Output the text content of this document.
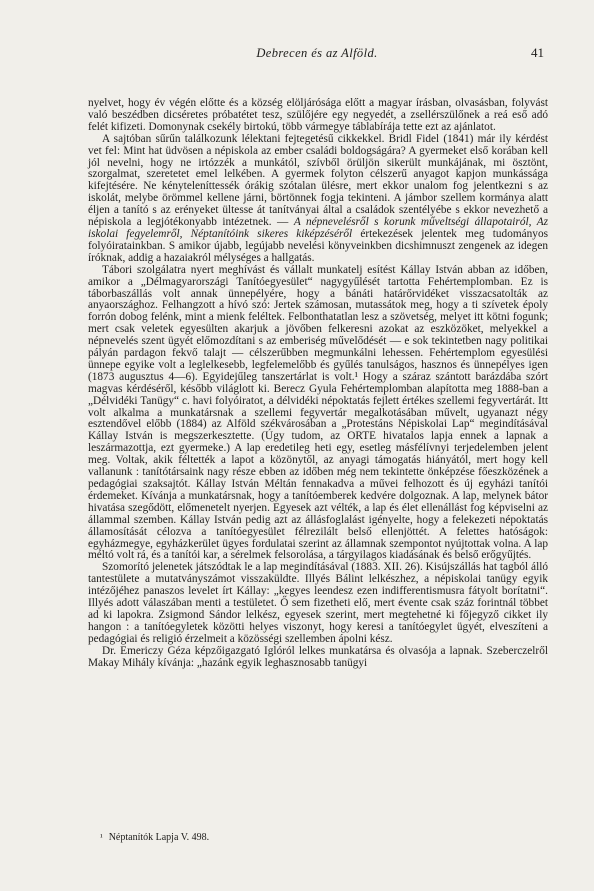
Debrecen és az Alföld.	41

nyelvet, hogy év végén előtte és a község elöljárósága előtt a magyar írásban, olvasásban, folyvást való beszédben dicséretes próbatétet tesz, szülőjére egy negyedét, a zsellérszülőnek a reá eső adó felét kifizeti. Domonynak csekély birtokú, több vármegye táblabírája tette ezt az ajánlatot.

A sajtóban sűrűn találkozunk lélektani fejtegetésű cikkekkel. Bridl Fidel (1841) már ily kérdést vet fel: Mint hat üdvösen a népiskola az ember családi boldogságára? A gyermeket első korában kell jól nevelni, hogy ne irtózzék a munkától, szívből örüljön sikerült munkájának, mi ösztönt, szorgalmat, szeretetet emel lelkében. A gyermek folyton célszerű anyagot kapjon munkássága kifejtésére. Ne kényteleníttessék órákig szótalan ülésre, mert ekkor unalom fog jelentkezni s az iskolát, melybe örömmel kellene járni, börtönnek fogja tekinteni. A jámbor szellem kormánya alatt éljen a tanító s az erényeket ültesse át tanítványai által a családok szentélyébe s ekkor nevezhető a népiskola a legjótékonyabb intézetnek. — A népnevelésről s korunk műveltségi állapotairól, Az iskolai fegyelemről, Néptanítóink sikeres kiképzéséről értekezések jelentek meg tudományos folyóiratainkban. S amikor újabb, legújabb nevelési könyveinkben dicshimnuszt zengenek az idegen íróknak, addig a hazaiakról mélységes a hallgatás.

Tábori szolgálatra nyert meghívást és vállalt munkatelj esítést Kállay István abban az időben, amikor a „Délmagyarországi Tanítóegyesület“ nagygyűlését tartotta Fehértemplomban. Ez is táborbaszállás volt annak ünnepélyére, hogy a bánáti határőrvidéket visszacsatolták az anyaországhoz. Felhangzott a hívó szó: Jertek számosan, mutassátok meg, hogy a ti szívetek époly forrón dobog felénk, mint a mienk feléltek. Felbonthatatlan lesz a szövetség, melyet itt kötni fogunk; mert csak veletek egyesülten akarjuk a jövőben felkeresni azokat az eszközöket, melyekkel a népnevelés szent ügyét előmozdítani s az emberiség művelődését — e sok tekintetben nagy politikai pályán pardagon fekvő talajt — célszerűbben megmunkálni lehessen. Fehértemplom egyesülési ünnepe egyike volt a leglelkesebb, legfelemelőbb és gyűlés tanulságos, hasznos és ünnepélyes igen (1873 augusztus 4—6). Egyidejűleg tanszertárlat is volt.¹ Hogy a száraz szántott barázdába szórt magvas kérdéséről, később világlott ki. Berecz Gyula Fehértemplomban alapította meg 1888-ban a „Délvidéki Tanügy“ c. havi folyóiratot, a délvidéki népoktatás fejlett értékes szellemi fegyvertárát. Itt volt alkalma a munkatársnak a szellemi fegyvertár megalkotásában művelt, ugyanazt négy esztendővel előbb (1884) az Alföld székvárosában a „Protestáns Népiskolai Lap“ megindításával Kállay István is megszerkesztette. (Úgy tudom, az ORTE hivatalos lapja ennek a lapnak a leszármazottja, ezt gyermeke.) A lap eredetileg heti egy, esetleg másfélívnyi terjedelemben jelent meg. Voltak, akik féltették a lapot a közönytől, az anyagi támogatás hiányától, mert hogy kell vallanunk : tanítótársaink nagy része ebben az időben még nem tekintette önképzése főeszközének a pedagógiai szaksajtót. Kállay István Méltán fennakadva a művei felhozott és új egyházi tanítói érdemeket. Kívánja a munkatársnak, hogy a tanítóemberek kedvére dolgoznak. A lap, melynek bátor hivatása szegődött, előmenetelt nyerjen. Egyesek azt vélték, a lap és élet ellenállást fog képviselni az állammal szemben. Kállay István pedig azt az állásfoglalást igényelte, hogy a felekezeti népoktatás államosítását célozva a tanítóegyesület félrezilált belső ellenjöttét. A felettes hatóságok: egyházmegye, egyházkerület ügyes fordulatai szerint az államnak szempontot nyújtottak volna. A lap méltó volt rá, és a tanítói kar, a sérelmek felsorolása, a tárgyilagos kiadásának és belső erőgyűjtés.

Szomorító jelenetek játszódtak le a lap megindításával (1883. XII. 26). Kisújszállás hat tagból álló tantestülete a mutatványszámot visszaküldte. Illyés Bálint lelkészhez, a népiskolai tanügy egyik intézőjéhez panaszos levelet írt Kállay: „kegyes leendesz ezen indifferentismusra fátyolt borítatni“. Illyés adott válaszában menti a testületet. Ő sem fizetheti elő, mert évente csak száz forintnál többet ad ki lapokra. Zsigmond Sándor lelkész, egyesek szerint, mert megtehetné ki főjegyző cikket ily hangon : a tanítóegyletek közötti helyes viszonyt, hogy keresi a tanítóegylet ügyét, elveszíteni a pedagógiai és religió érzelmeit a közösségi szellemben ápolni kész.

Dr. Emericzy Géza képzőigazgató Iglóról lelkes munkatársa és olvasója a lapnak. Szeberczelről Makay Mihály kívánja: „hazánk egyik leghasznosabb tanügyi

¹ Néptanítók Lapja V. 498.
